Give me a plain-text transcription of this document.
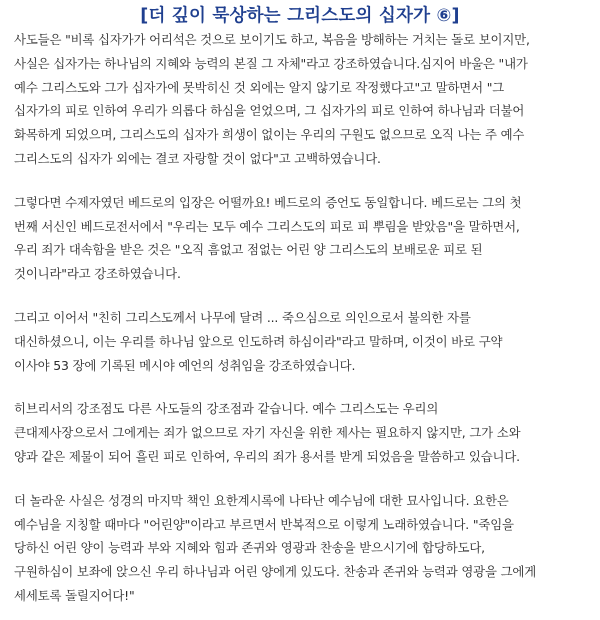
[더 깊이 묵상하는 그리스도의 십자가 ⑥]
사도들은 "비록 십자가가 어리석은 것으로 보이기도 하고, 복음을 방해하는 거치는 돌로 보이지만,
사실은 십자가는 하나님의 지혜와 능력의 본질 그 자체"라고 강조하였습니다.심지어 바울은 "내가
예수 그리스도와 그가 십자가에 못박히신 것 외에는 알지 않기로 작정했다고"고 말하면서 "그
십자가의 피로 인하여 우리가 의롭다 하심을 얻었으며, 그 십자가의 피로 인하여 하나님과 더불어
화목하게 되었으며, 그리스도의 십자가 희생이 없이는 우리의 구원도 없으므로 오직 나는 주 예수
그리스도의 십자가 외에는 결코 자랑할 것이 없다"고 고백하였습니다.
그렇다면 수제자였던 베드로의 입장은 어떨까요! 베드로의 증언도 동일합니다. 베드로는 그의 첫
번째 서신인 베드로전서에서 "우리는 모두 예수 그리스도의 피로 피 뿌림을 받았음"을 말하면서,
우리 죄가 대속함을 받은 것은 "오직 흠없고 점없는 어린 양 그리스도의 보배로운 피로 된
것이니라"라고 강조하였습니다.
그리고 이어서 "친히 그리스도께서 나무에 달려 ... 죽으심으로 의인으로서 불의한 자를
대신하셨으니, 이는 우리를 하나님 앞으로 인도하려 하심이라"라고 말하며, 이것이 바로 구약
이사야 53 장에 기록된 메시야 예언의 성취임을 강조하였습니다.
히브리서의 강조점도 다른 사도들의 강조점과 같습니다. 예수 그리스도는 우리의
큰대제사장으로서 그에게는 죄가 없으므로 자기 자신을 위한 제사는 필요하지 않지만, 그가 소와
양과 같은 제물이 되어 흘린 피로 인하여, 우리의 죄가 용서를 받게 되었음을 말씀하고 있습니다.
더 놀라운 사실은 성경의 마지막 책인 요한계시록에 나타난 예수님에 대한 묘사입니다. 요한은
예수님을 지칭할 때마다 "어린양"이라고 부르면서 반복적으로 이렇게 노래하였습니다. "죽임을
당하신 어린 양이 능력과 부와 지혜와 힘과 존귀와 영광과 찬송을 받으시기에 합당하도다,
구원하심이 보좌에 앉으신 우리 하나님과 어린 양에게 있도다. 찬송과 존귀와 능력과 영광을 그에게
세세토록 돌릴지어다!"
